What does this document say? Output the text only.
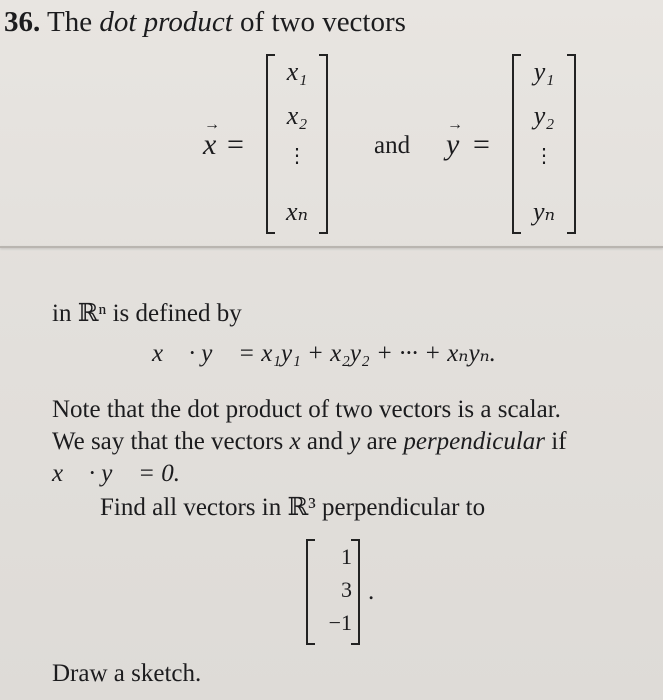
36. The dot product of two vectors
→ x =
x₁
x₂
⋮
xₙ
and
→ y =
y₁
y₂
⋮
yₙ
in ℝⁿ is defined by
x⃗ · y⃗ = x₁y₁ + x₂y₂ + ··· + xₙyₙ.
Note that the dot product of two vectors is a scalar.
We say that the vectors x and y are perpendicular if
x⃗ · y⃗ = 0.
Find all vectors in ℝ³ perpendicular to
1
3
−1
.
Draw a sketch.
